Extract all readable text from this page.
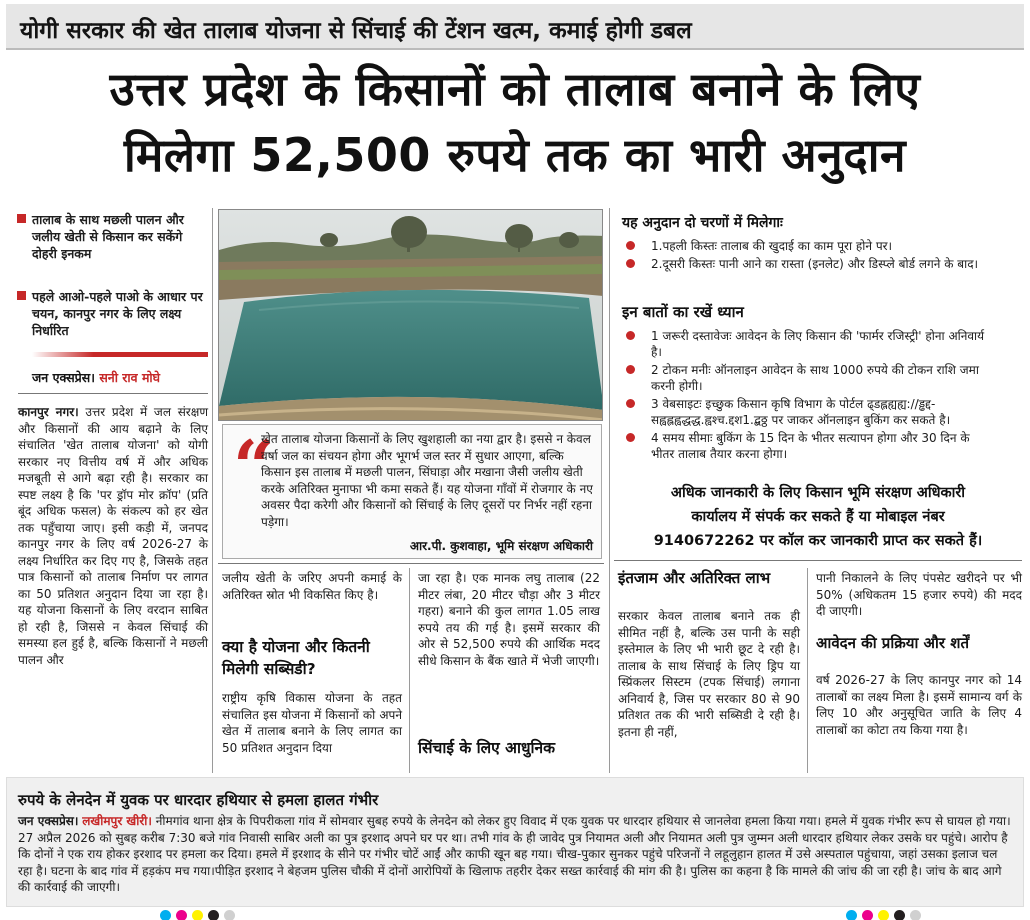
योगी सरकार की खेत तालाब योजना से सिंचाई की टेंशन खत्म, कमाई होगी डबल
उत्तर प्रदेश के किसानों को तालाब बनाने के लिए
मिलेगा 52,500 रुपये तक का भारी अनुदान
तालाब के साथ मछली पालन और जलीय खेती से किसान कर सकेंगे दोहरी इनकम
पहले आओ-पहले पाओ के आधार पर चयन, कानपुर नगर के लिए लक्ष्य निर्धारित
जन एक्सप्रेस। सनी राव मोघे
कानपुर नगर। उत्तर प्रदेश में जल संरक्षण और किसानों की आय बढ़ाने के लिए संचालित 'खेत तालाब योजना' को योगी सरकार नए वित्तीय वर्ष में और अधिक मजबूती से आगे बढ़ा रही है। सरकार का स्पष्ट लक्ष्य है कि 'पर ड्रॉप मोर क्रॉप' (प्रति बूंद अधिक फसल) के संकल्प को हर खेत तक पहुँचाया जाए। इसी कड़ी में, जनपद कानपुर नगर के लिए वर्ष 2026-27 के लक्ष्य निर्धारित कर दिए गए है, जिसके तहत पात्र किसानों को तालाब निर्माण पर लागत का 50 प्रतिशत अनुदान दिया जा रहा है। यह योजना किसानों के लिए वरदान साबित हो रही है, जिससे न केवल सिंचाई की समस्या हल हुई है, बल्कि किसानों ने मछली पालन और
“
खेत तालाब योजना किसानों के लिए खुशहाली का नया द्वार है। इससे न केवल वर्षा जल का संचयन होगा और भूगर्भ जल स्तर में सुधार आएगा, बल्कि किसान इस तालाब में मछली पालन, सिंघाड़ा और मखाना जैसी जलीय खेती करके अतिरिक्त मुनाफा भी कमा सकते हैं। यह योजना गाँवों में रोजगार के नए अवसर पैदा करेगी और किसानों को सिंचाई के लिए दूसरों पर निर्भर नहीं रहना पड़ेगा।
आर.पी. कुशवाहा, भूमि संरक्षण अधिकारी
जलीय खेती के जरिए अपनी कमाई के अतिरिक्त स्रोत भी विकसित किए है।
क्या है योजना और कितनी मिलेगी सब्सिडी?
राष्ट्रीय कृषि विकास योजना के तहत संचालित इस योजना में किसानों को अपने खेत में तालाब बनाने के लिए लागत का 50 प्रतिशत अनुदान दिया
जा रहा है। एक मानक लघु तालाब (22 मीटर लंबा, 20 मीटर चौड़ा और 3 मीटर गहरा) बनाने की कुल लागत 1.05 लाख रुपये तय की गई है। इसमें सरकार की ओर से 52,500 रुपये की आर्थिक मदद सीधे किसान के बैंक खाते में भेजी जाएगी।
सिंचाई के लिए आधुनिक
यह अनुदान दो चरणों में मिलेगाः
1.पहली किस्तः तालाब की खुदाई का काम पूरा होने पर।
2.दूसरी किस्तः पानी आने का रास्ता (इनलेट) और डिस्प्ले बोर्ड लगने के बाद।
इन बातों का रखें ध्यान
1 जरूरी दस्तावेजः आवेदन के लिए किसान की 'फार्मर रजिस्ट्री' होना अनिवार्य है।
2 टोकन मनीः ऑनलाइन आवेदन के साथ 1000 रुपये की टोकन राशि जमा करनी होगी।
3 वेबसाइटः इच्छुक किसान कृषि विभाग के पोर्टल ढ्डह्लह्यह्य://ड्ढद्द- सह्वह्लह्वद्धद्ध.ह्वश्च.द्दश1.द्बठ्ठ पर जाकर ऑनलाइन बुकिंग कर सकते है।
4 समय सीमाः बुकिंग के 15 दिन के भीतर सत्यापन होगा और 30 दिन के भीतर तालाब तैयार करना होगा।
अधिक जानकारी के लिए किसान भूमि संरक्षण अधिकारी
कार्यालय में संपर्क कर सकते हैं या मोबाइल नंबर
9140672262 पर कॉल कर जानकारी प्राप्त कर सकते हैं।
इंतजाम और अतिरिक्त लाभ
सरकार केवल तालाब बनाने तक ही सीमित नहीं है, बल्कि उस पानी के सही इस्तेमाल के लिए भी भारी छूट दे रही है। तालाब के साथ सिंचाई के लिए ड्रिप या स्प्रिंकलर सिस्टम (टपक सिंचाई) लगाना अनिवार्य है, जिस पर सरकार 80 से 90 प्रतिशत तक की भारी सब्सिडी दे रही है। इतना ही नहीं,
पानी निकालने के लिए पंपसेट खरीदने पर भी 50% (अधिकतम 15 हजार रुपये) की मदद दी जाएगी।
आवेदन की प्रक्रिया और शर्तें
वर्ष 2026-27 के लिए कानपुर नगर को 14 तालाबों का लक्ष्य मिला है। इसमें सामान्य वर्ग के लिए 10 और अनुसूचित जाति के लिए 4 तालाबों का कोटा तय किया गया है।
रुपये के लेनदेन में युवक पर धारदार हथियार से हमला हालत गंभीर
जन एक्सप्रेस। लखीमपुर खीरी। नीमगांव थाना क्षेत्र के पिपरीकला गांव में सोमवार सुबह रुपये के लेनदेन को लेकर हुए विवाद में एक युवक पर धारदार हथियार से जानलेवा हमला किया गया। हमले में युवक गंभीर रूप से घायल हो गया।27 अप्रैल 2026 को सुबह करीब 7:30 बजे गांव निवासी साबिर अली का पुत्र इरशाद अपने घर पर था। तभी गांव के ही जावेद पुत्र नियामत अली और नियामत अली पुत्र जुम्मन अली धारदार हथियार लेकर उसके घर पहुंचे। आरोप है कि दोनों ने एक राय होकर इरशाद पर हमला कर दिया। हमले में इरशाद के सीने पर गंभीर चोटें आईं और काफी खून बह गया। चीख-पुकार सुनकर पहुंचे परिजनों ने लहूलुहान हालत में उसे अस्पताल पहुंचाया, जहां उसका इलाज चल रहा है। घटना के बाद गांव में हड़कंप मच गया।पीड़ित इरशाद ने बेहजम पुलिस चौकी में दोनों आरोपियों के खिलाफ तहरीर देकर सख्त कार्रवाई की मांग की है। पुलिस का कहना है कि मामले की जांच की जा रही है। जांच के बाद आगे की कार्रवाई की जाएगी।
